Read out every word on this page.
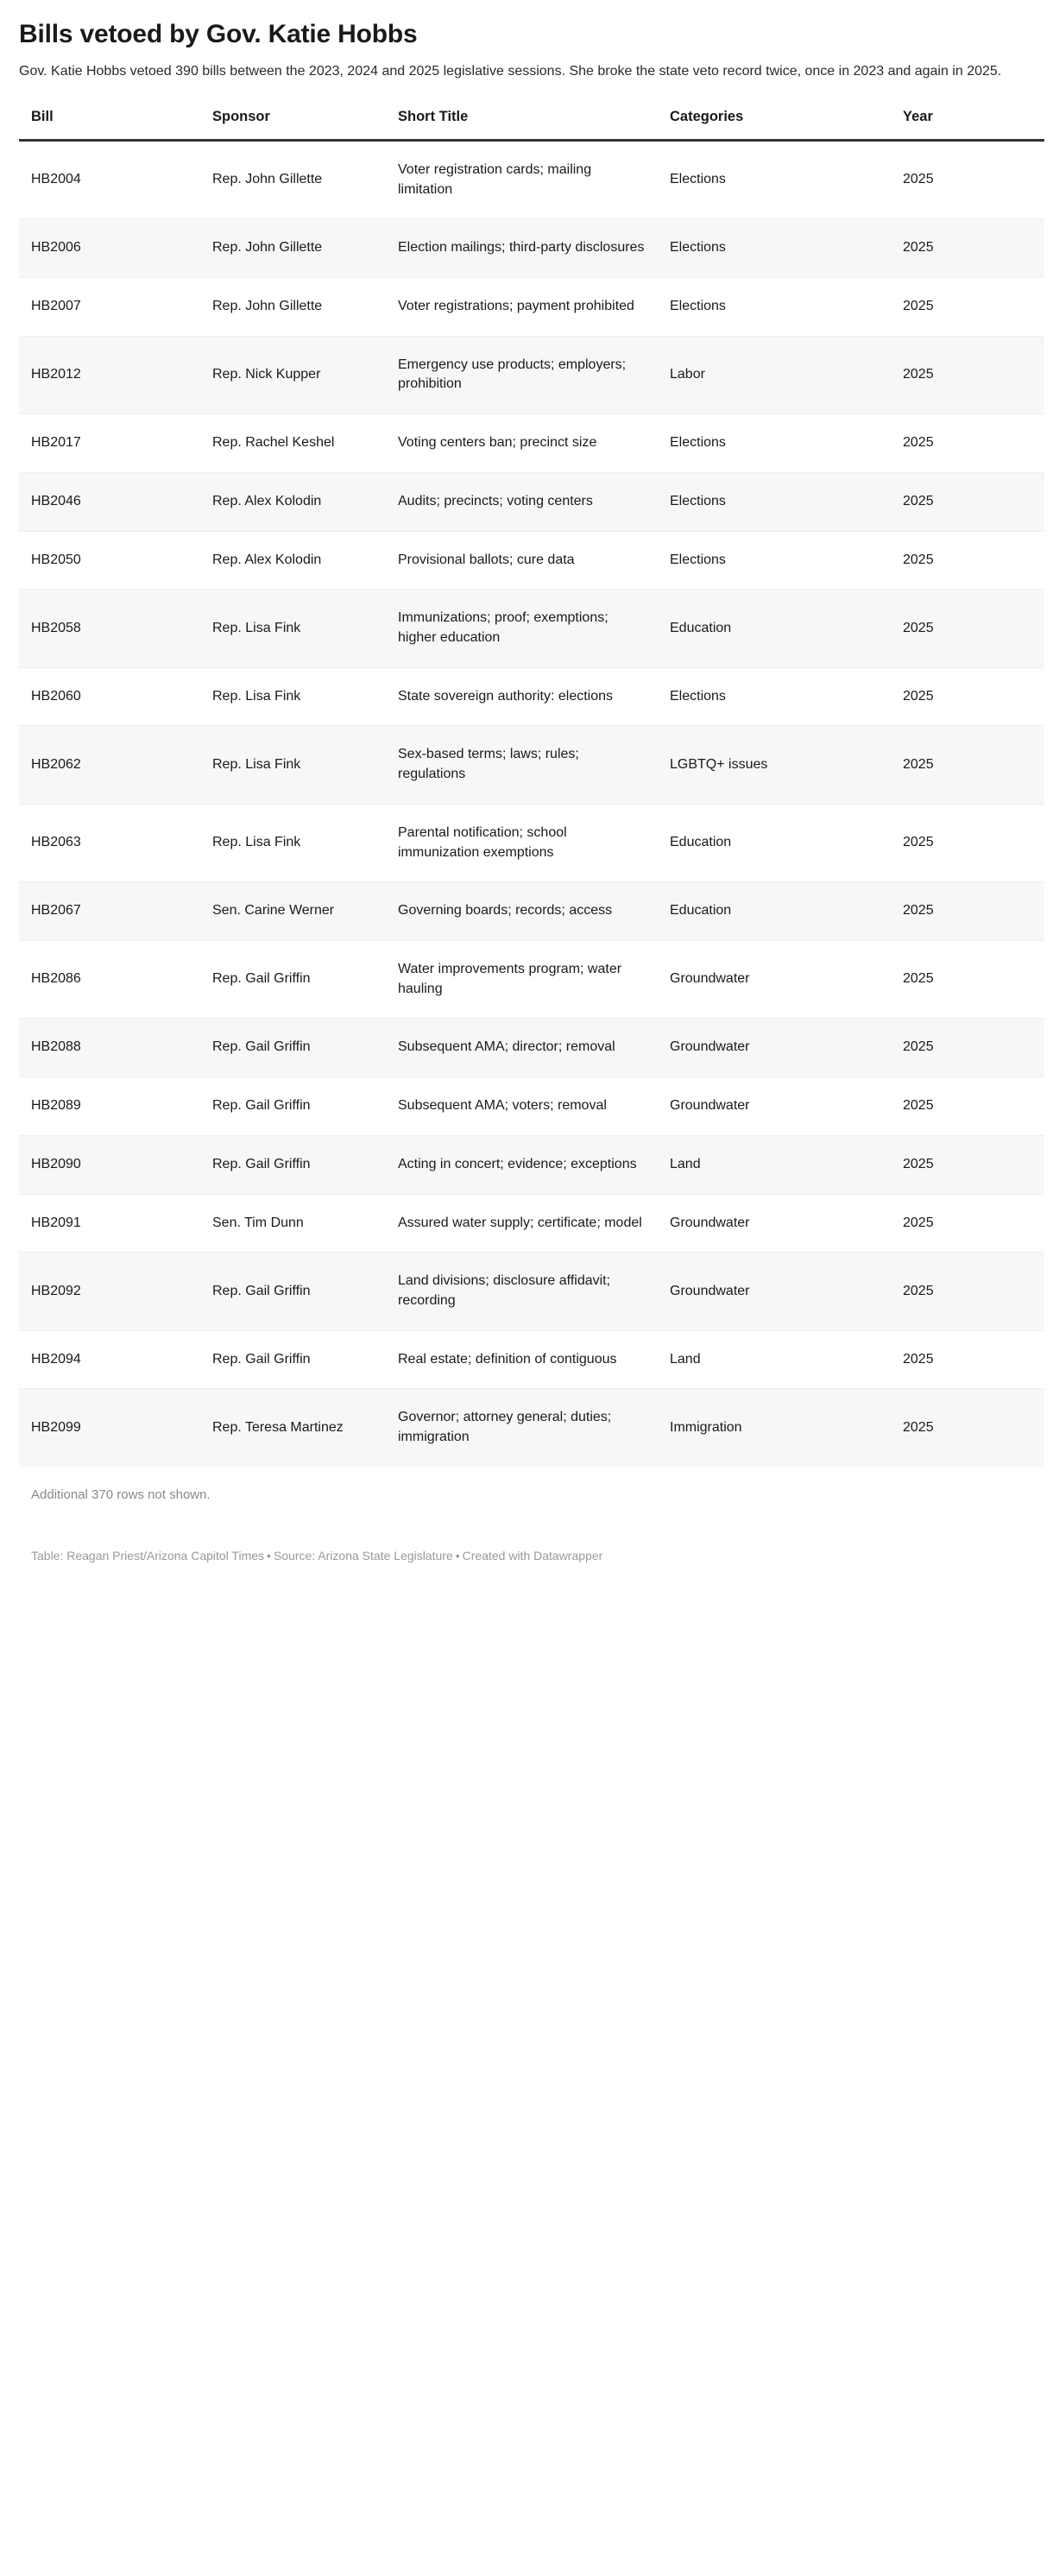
Bills vetoed by Gov. Katie Hobbs

Gov. Katie Hobbs vetoed 390 bills between the 2023, 2024 and 2025 legislative sessions. She broke the state veto record twice, once in 2023 and again in 2025.

Bill	Sponsor	Short Title	Categories	Year
HB2004	Rep. John Gillette	Voter registration cards; mailing limitation	Elections	2025
HB2006	Rep. John Gillette	Election mailings; third-party disclosures	Elections	2025
HB2007	Rep. John Gillette	Voter registrations; payment prohibited	Elections	2025
HB2012	Rep. Nick Kupper	Emergency use products; employers; prohibition	Labor	2025
HB2017	Rep. Rachel Keshel	Voting centers ban; precinct size	Elections	2025
HB2046	Rep. Alex Kolodin	Audits; precincts; voting centers	Elections	2025
HB2050	Rep. Alex Kolodin	Provisional ballots; cure data	Elections	2025
HB2058	Rep. Lisa Fink	Immunizations; proof; exemptions; higher education	Education	2025
HB2060	Rep. Lisa Fink	State sovereign authority: elections	Elections	2025
HB2062	Rep. Lisa Fink	Sex-based terms; laws; rules; regulations	LGBTQ+ issues	2025
HB2063	Rep. Lisa Fink	Parental notification; school immunization exemptions	Education	2025
HB2067	Sen. Carine Werner	Governing boards; records; access	Education	2025
HB2086	Rep. Gail Griffin	Water improvements program; water hauling	Groundwater	2025
HB2088	Rep. Gail Griffin	Subsequent AMA; director; removal	Groundwater	2025
HB2089	Rep. Gail Griffin	Subsequent AMA; voters; removal	Groundwater	2025
HB2090	Rep. Gail Griffin	Acting in concert; evidence; exceptions	Land	2025
HB2091	Sen. Tim Dunn	Assured water supply; certificate; model	Groundwater	2025
HB2092	Rep. Gail Griffin	Land divisions; disclosure affidavit; recording	Groundwater	2025
HB2094	Rep. Gail Griffin	Real estate; definition of contiguous	Land	2025
HB2099	Rep. Teresa Martinez	Governor; attorney general; duties; immigration	Immigration	2025
Additional 370 rows not shown.
Table: Reagan Priest/Arizona Capitol Times • Source: Arizona State Legislature • Created with Datawrapper
